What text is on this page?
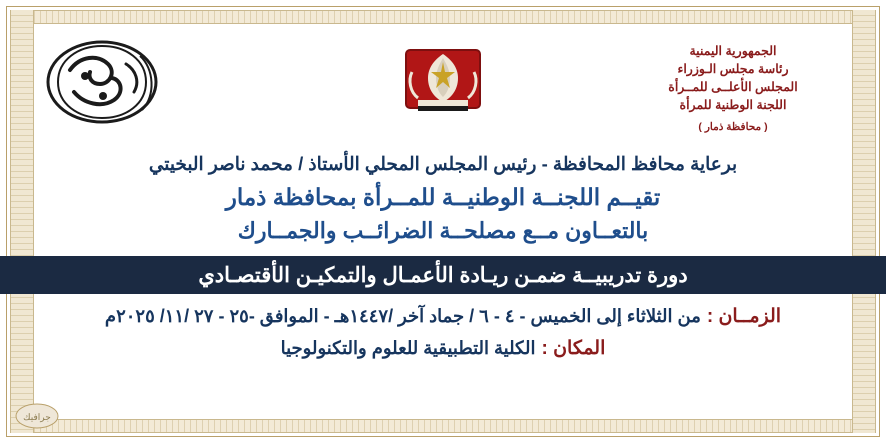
الجمهورية اليمنية
رئاسة مجلس الـوزراء
المجلس الأعلــى للمــرأة
اللجنة الوطنية للمرأة
( محافظة ذمار )
برعاية محافظ المحافظة - رئيس المجلس المحلي الأستاذ / محمد ناصر البخيتي
تقيــم اللجنــة الوطنيــة للمــرأة بمحافظة ذمار
بالتعــاون مــع مصلحــة الضرائــب والجمــارك
دورة تدريبيــة ضمـن ريـادة الأعمـال والتمكيـن الأقتصـادي
الزمــان :
من الثلاثاء إلى الخميس - ٤ - ٦ / جماد آخر /١٤٤٧هـ - الموافق -٢٥ - ٢٧ /١١/ ٢٠٢٥م
المكان :
الكلية التطبيقية للعلوم والتكنولوجيا
جرافيك
